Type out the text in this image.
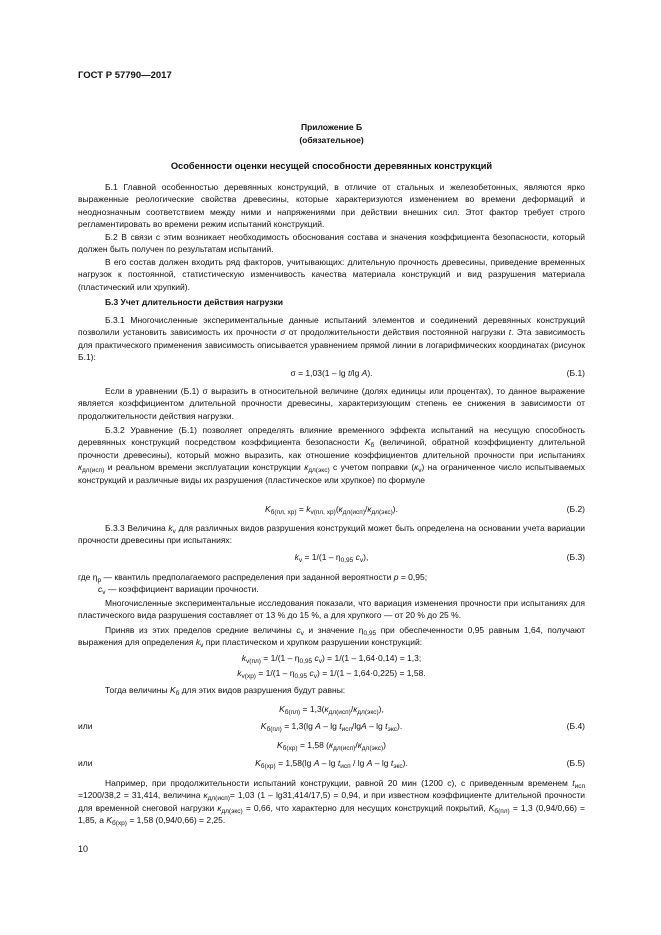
ГОСТ Р 57790—2017
Приложение Б
(обязательное)
Особенности оценки несущей способности деревянных конструкций
Б.1 Главной особенностью деревянных конструкций, в отличие от стальных и железобетонных, являются ярко выраженные реологические свойства древесины, которые характеризуются изменением во времени деформаций и неоднозначным соответствием между ними и напряжениями при действии внешних сил. Этот фактор требует строго регламентировать во времени режим испытаний конструкций.
Б.2 В связи с этим возникает необходимость обоснования состава и значения коэффициента безопасности, который должен быть получен по результатам испытаний.
В его состав должен входить ряд факторов, учитывающих: длительную прочность древесины, приведение временных нагрузок к постоянной, статистическую изменчивость качества материала конструкций и вид разрушения материала (пластический или хрупкий).
Б.3 Учет длительности действия нагрузки
Б.3.1 Многочисленные экспериментальные данные испытаний элементов и соединений деревянных конструкций позволили установить зависимость их прочности σ от продолжительности действия постоянной нагрузки t. Эта зависимость для практического применения зависимость описывается уравнением прямой линии в логарифмических координатах (рисунок Б.1):
σ = 1,03(1 – lg t/lg A).	(Б.1)
Если в уравнении (Б.1) σ выразить в относительной величине (долях единицы или процентах), то данное выражение является коэффициентом длительной прочности древесины, характеризующим степень ее снижения в зависимости от продолжительности действия нагрузки.
Б.3.2 Уравнение (Б.1) позволяет определять влияние временного эффекта испытаний на несущую способность деревянных конструкций посредством коэффициента безопасности $K_б$ (величиной, обратной коэффициенту длительной прочности древесины), который можно выразить, как отношение коэффициентов длительной прочности при испытаниях $к_{дл(исп)}$ и реальном времени эксплуатации конструкции $к_{дл(экс)}$ с учетом поправки $(к_v)$ на ограниченное число испытываемых конструкций и различные виды их разрушения (пластическое или хрупкое) по формуле
$K_{б(пл, хр)} = k_{v(пл, хр)}(к_{дл(исп)}/к_{дл(экс)})$.	(Б.2)
Б.3.3 Величина $k_v$ для различных видов разрушения конструкций может быть определена на основании учета вариации прочности древесины при испытаниях:
$k_v = 1/(1 - \eta_{0,95}$ $c_v$),	(Б.3)
где $\eta_p$ — квантиль предполагаемого распределения при заданной вероятности p = 0,95;
$c_v$ — коэффициент вариации прочности.
Многочисленные экспериментальные исследования показали, что вариация изменения прочности при испытаниях для пластического вида разрушения составляет от 13 % до 15 %, а для хрупкого — от 20 % до 25 %.
Приняв из этих пределов средние величины $c_v$ и значение $\eta_{0,95}$ при обеспеченности 0,95 равным 1,64, получают выражения для определения $k_v$ при пластическом и хрупком разрушении конструкций:
$k_{v(пл)} = 1/(1 - \eta_{0,95}$ $c_v) = 1/(1 - 1,64\cdot 0,14) = 1,3$;
$k_{v(хр)} = 1/(1 - \eta_{0,95}$ $c_v) = 1/(1 - 1,64\cdot 0,225) = 1,58$.
Тогда величины $K_б$ для этих видов разрушения будут равны:
$K_{б(пл)} = 1,3(к_{дл(исп)}/к_{дл(экс)})$,
или	$K_{б(пл)} = 1,3(\lg$ A – $\lg t_{исп}$/lgA – $\lg t_{экс}$).	(Б.4)
$K_{б(хр)} = 1,58$ $(к_{дл(исп)}/к_{дл(экс)})$
или	$K_{б(хр)} = 1,58(\lg$ A – $\lg t_{исп}$ / lg A – $\lg t_{экс}$).	(Б.5)
Например, при продолжительности испытаний конструкции, равной 20 мин (1200 с), с приведенным временем $t_{исп} =1200/38,2 = 31,414$, величина $к_{дл(исп)}= 1,03$ (1 – lg31,414/17,5) = 0,94, и при известном коэффициенте длительной прочности для временной снеговой нагрузки $к_{дл(экс)} = 0,66$, что характерно для несущих конструкций покрытий, $K_{б(пл)} = 1,3$ (0,94/0,66) = 1,85, а $K_{б(хр)} = 1,58$ (0,94/0,66) = 2,25.
10
